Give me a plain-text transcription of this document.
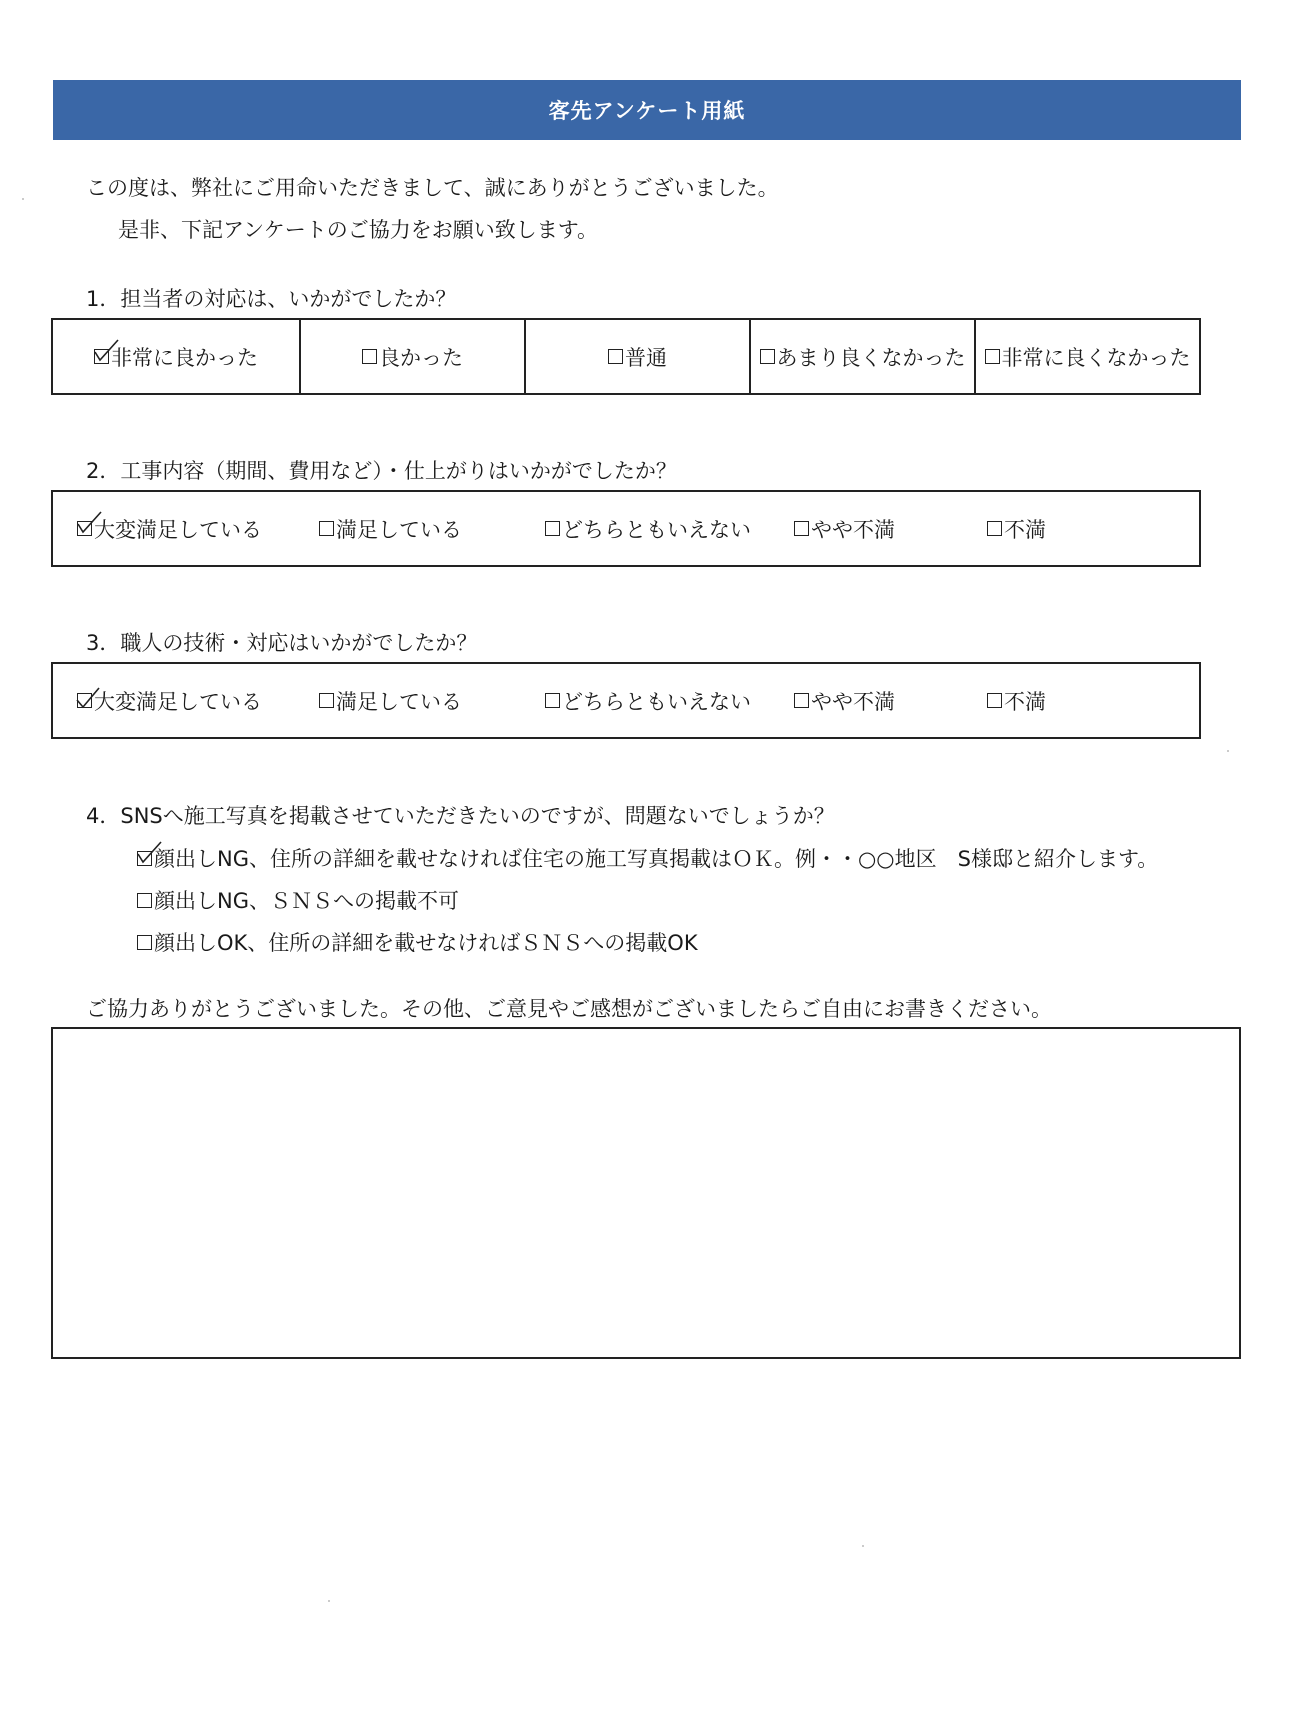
客先アンケート用紙
この度は、弊社にご用命いただきまして、誠にありがとうございました。
是非、下記アンケートのご協力をお願い致します。
1．担当者の対応は、いかがでしたか？
非常に良かった	良かった	普通	あまり良くなかった 非常に良くなかった
2．工事内容（期間、費用など）・仕上がりはいかがでしたか？
大変満足している	満足している	どちらともいえない	やや不満	不満
3．職人の技術・対応はいかがでしたか？
大変満足している	満足している	どちらともいえない	やや不満	不満
4．SNSへ施工写真を掲載させていただきたいのですが、問題ないでしょうか？
顔出しNG、住所の詳細を載せなければ住宅の施工写真掲載はＯＫ。例・・○○地区　S様邸と紹介します。
顔出しNG、ＳＮＳへの掲載不可
顔出しOK、住所の詳細を載せなければＳＮＳへの掲載OK
ご協力ありがとうございました。その他、ご意見やご感想がございましたらご自由にお書きください。
